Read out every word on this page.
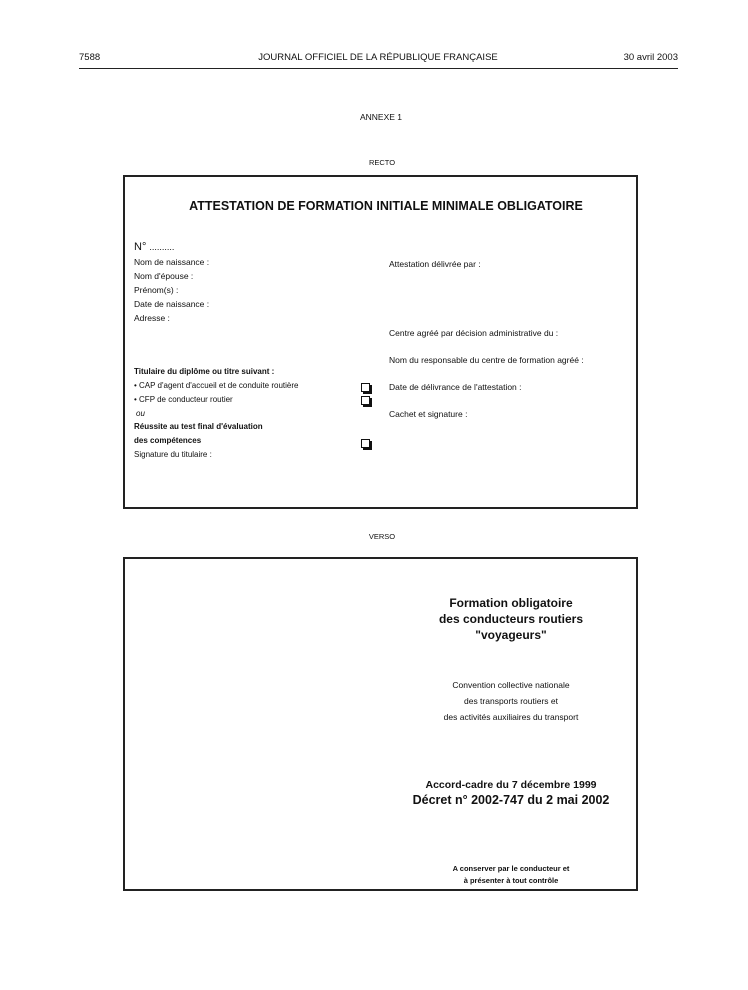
7588	JOURNAL OFFICIEL DE LA RÉPUBLIQUE FRANÇAISE	30 avril 2003
ANNEXE 1
RECTO
ATTESTATION DE FORMATION INITIALE MINIMALE OBLIGATOIRE
N° ..........
Nom de naissance :
Nom d'épouse :
Prénom(s) :
Date de naissance :
Adresse :
Titulaire du diplôme ou titre suivant :
• CAP d'agent d'accueil et de conduite routière
• CFP de conducteur routier
ou
Réussite au test final d'évaluation
des compétences
Signature du titulaire :
Attestation délivrée par :
Centre agréé par décision administrative du :
Nom du responsable du centre de formation agréé :
Date de délivrance de l'attestation :
Cachet et signature :
VERSO
Formation obligatoire
des conducteurs routiers
"voyageurs"
Convention collective nationale
des transports routiers et
des activités auxiliaires du transport
Accord-cadre du 7 décembre 1999
Décret n° 2002-747 du 2 mai 2002
A conserver par le conducteur et
à présenter à tout contrôle
